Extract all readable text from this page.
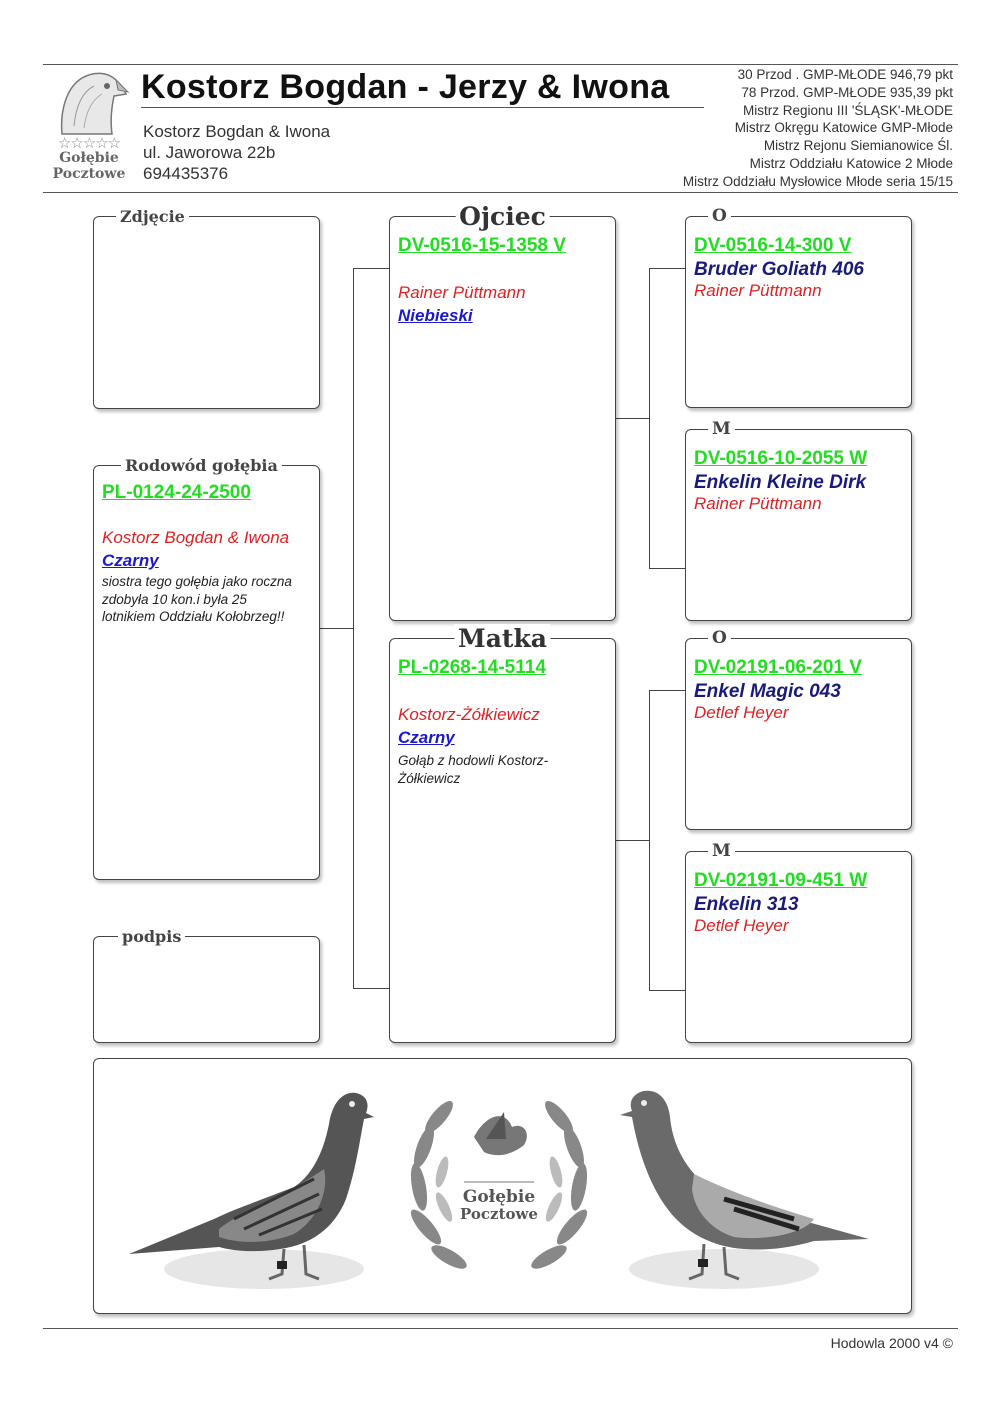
☆☆☆☆☆
Gołębie
Pocztowe
Kostorz Bogdan - Jerzy & Iwona
Kostorz Bogdan & Iwona
ul. Jaworowa 22b
694435376
30 Przod . GMP-MŁODE 946,79 pkt
78 Przod. GMP-MŁODE 935,39 pkt
Mistrz Regionu III 'ŚLĄSK'-MŁODE
Mistrz Okręgu Katowice GMP-Młode
Mistrz Rejonu Siemianowice Śl.
Mistrz Oddziału Katowice 2 Młode
Mistrz Oddziału Mysłowice Młode seria 15/15
Zdjęcie
Rodowód gołębia
PL-0124-24-2500
Kostorz Bogdan & Iwona
Czarny
siostra tego gołębia jako roczna zdobyła 10 kon.i była 25 lotnikiem Oddziału Kołobrzeg!!
podpis
Ojciec
DV-0516-15-1358 V
Rainer Püttmann
Niebieski
Matka
PL-0268-14-5114
Kostorz-Żółkiewicz
Czarny
Gołąb z hodowli Kostorz-Żółkiewicz
O
DV-0516-14-300 V
Bruder Goliath 406
Rainer Püttmann
M
DV-0516-10-2055 W
Enkelin Kleine Dirk
Rainer Püttmann
O
DV-02191-06-201 V
Enkel Magic 043
Detlef Heyer
M
DV-02191-09-451 W
Enkelin 313
Detlef Heyer
Gołębie
Pocztowe
Hodowla 2000 v4 ©
